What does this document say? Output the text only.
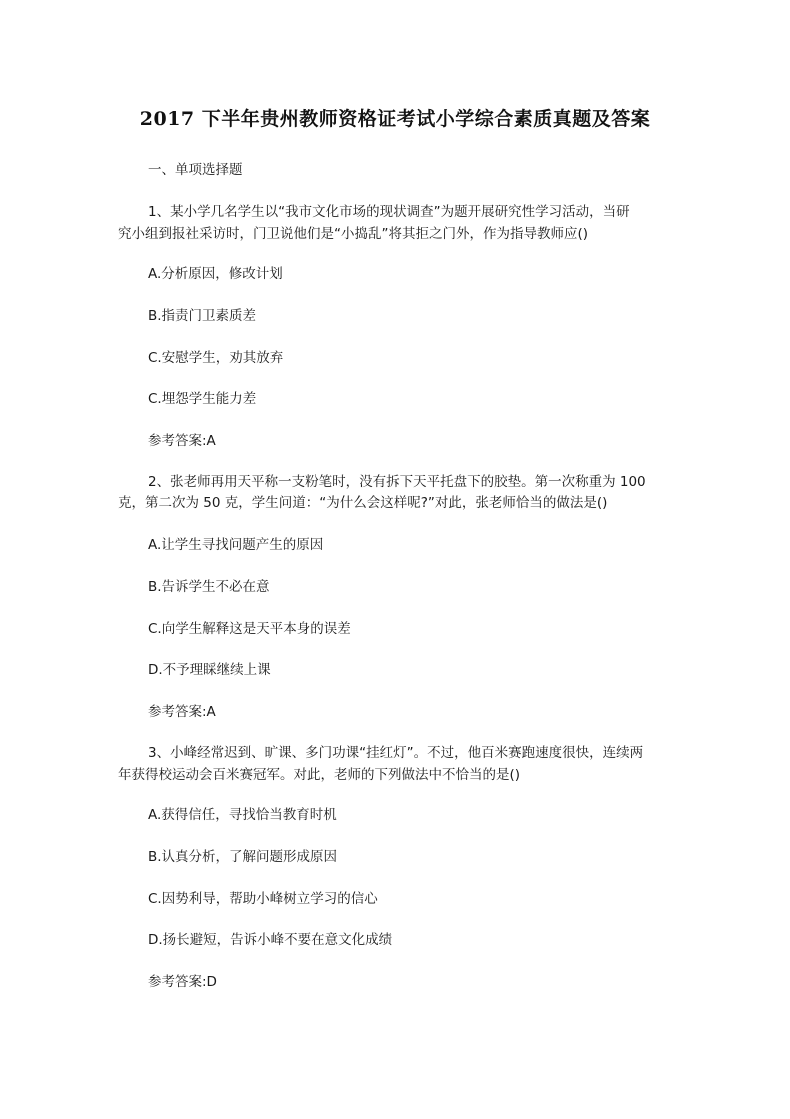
2017 下半年贵州教师资格证考试小学综合素质真题及答案
一、单项选择题
1、某小学几名学生以“我市文化市场的现状调查”为题开展研究性学习活动，当研
究小组到报社采访时，门卫说他们是“小捣乱”将其拒之门外，作为指导教师应()
A.分析原因，修改计划
B.指责门卫素质差
C.安慰学生，劝其放弃
C.埋怨学生能力差
参考答案:A
2、张老师再用天平称一支粉笔时，没有拆下天平托盘下的胶垫。第一次称重为 100
克，第二次为 50 克，学生问道：“为什么会这样呢?”对此，张老师恰当的做法是()
A.让学生寻找问题产生的原因
B.告诉学生不必在意
C.向学生解释这是天平本身的误差
D.不予理睬继续上课
参考答案:A
3、小峰经常迟到、旷课、多门功课“挂红灯”。不过，他百米赛跑速度很快，连续两
年获得校运动会百米赛冠军。对此，老师的下列做法中不恰当的是()
A.获得信任，寻找恰当教育时机
B.认真分析，了解问题形成原因
C.因势利导，帮助小峰树立学习的信心
D.扬长避短，告诉小峰不要在意文化成绩
参考答案:D
